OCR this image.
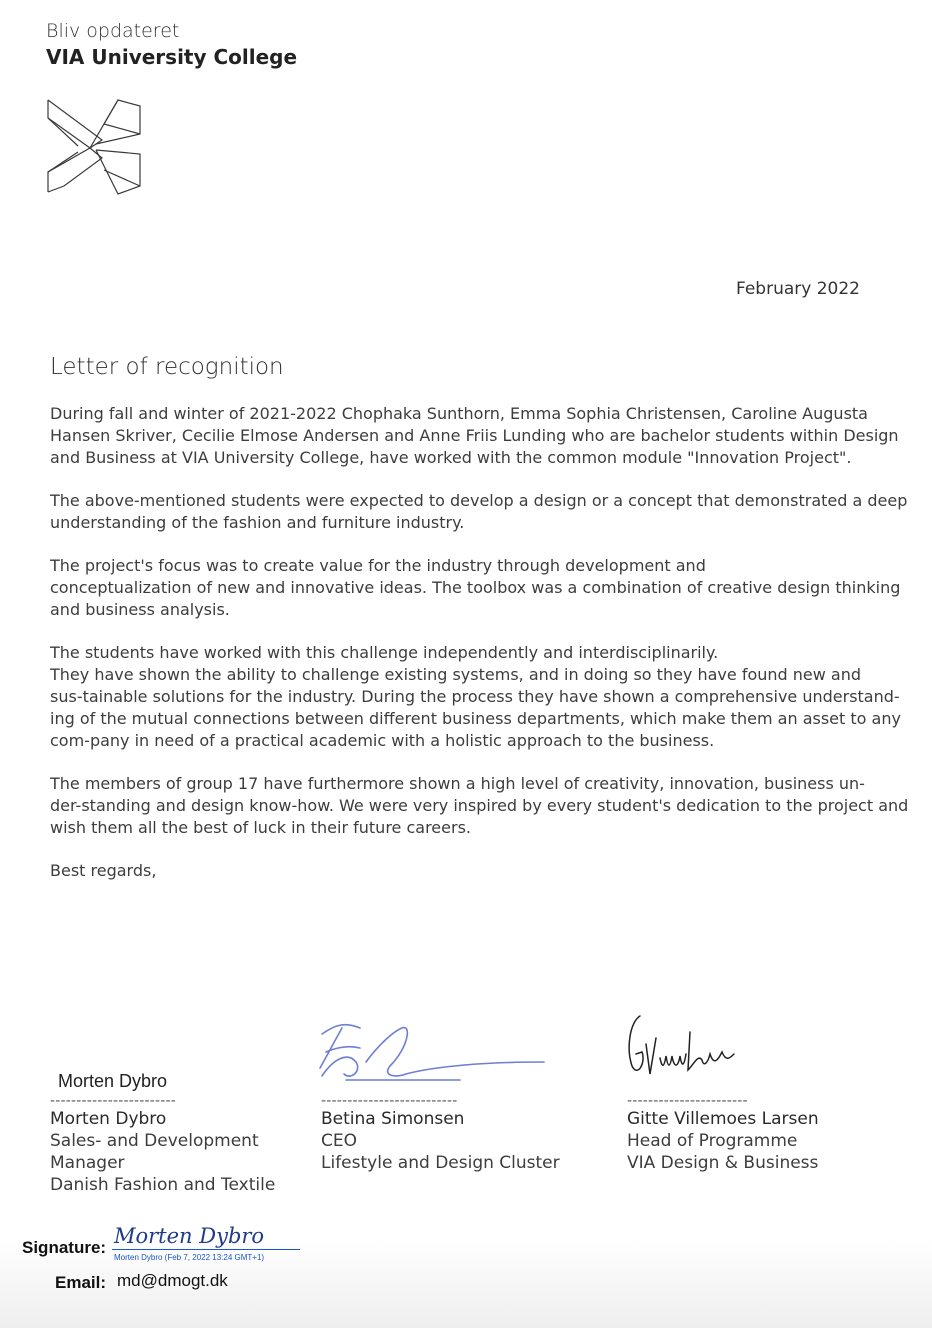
Bliv opdateret
VIA University College
February 2022
Letter of recognition

During fall and winter of 2021-2022 Chophaka Sunthorn, Emma Sophia Christensen, Caroline Augusta
Hansen Skriver, Cecilie Elmose Andersen and Anne Friis Lunding who are bachelor students within Design
and Business at VIA University College, have worked with the common module "Innovation Project".

The above-mentioned students were expected to develop a design or a concept that demonstrated a deep
understanding of the fashion and furniture industry.

The project's focus was to create value for the industry through development and
conceptualization of new and innovative ideas. The toolbox was a combination of creative design thinking
and business analysis.

The students have worked with this challenge independently and interdisciplinarily.
They have shown the ability to challenge existing systems, and in doing so they have found new and
sus-tainable solutions for the industry. During the process they have shown a comprehensive understand-
ing of the mutual connections between different business departments, which make them an asset to any
com-pany in need of a practical academic with a holistic approach to the business.

The members of group 17 have furthermore shown a high level of creativity, innovation, business un-
der-standing and design know-how. We were very inspired by every student's dedication to the project and
wish them all the best of luck in their future careers.

Best regards,

Morten Dybro
------------------------
Morten Dybro
Sales- and Development
Manager
Danish Fashion and Textile
--------------------------
Betina Simonsen
CEO
Lifestyle and Design Cluster
-----------------------
Gitte Villemoes Larsen
Head of Programme
VIA Design & Business
Signature: Morten Dybro
Morten Dybro (Feb 7, 2022 13:24 GMT+1)
Email: md@dmogt.dk
